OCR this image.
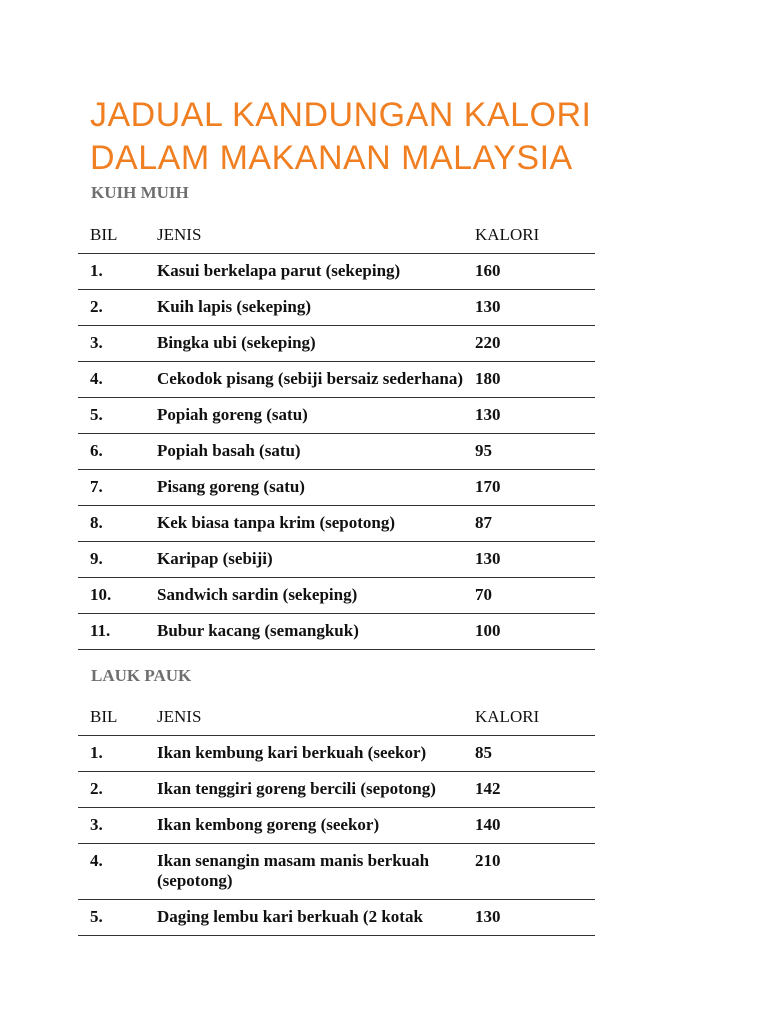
JADUAL KANDUNGAN KALORI
DALAM MAKANAN MALAYSIA
KUIH MUIH
BIL	JENIS	KALORI
1.	Kasui berkelapa parut (sekeping)	160
2.	Kuih lapis (sekeping)	130
3.	Bingka ubi (sekeping)	220
4.	Cekodok pisang (sebiji bersaiz sederhana)	180
5.	Popiah goreng (satu)	130
6.	Popiah basah (satu)	95
7.	Pisang goreng (satu)	170
8.	Kek biasa tanpa krim (sepotong)	87
9.	Karipap (sebiji)	130
10.	Sandwich sardin (sekeping)	70
11.	Bubur kacang (semangkuk)	100
LAUK PAUK
BIL	JENIS	KALORI
1.	Ikan kembung kari berkuah (seekor)	85
2.	Ikan tenggiri goreng bercili (sepotong)	142
3.	Ikan kembong goreng (seekor)	140
4.	Ikan senangin masam manis berkuah (sepotong)	210
5.	Daging lembu kari berkuah (2 kotak	130
